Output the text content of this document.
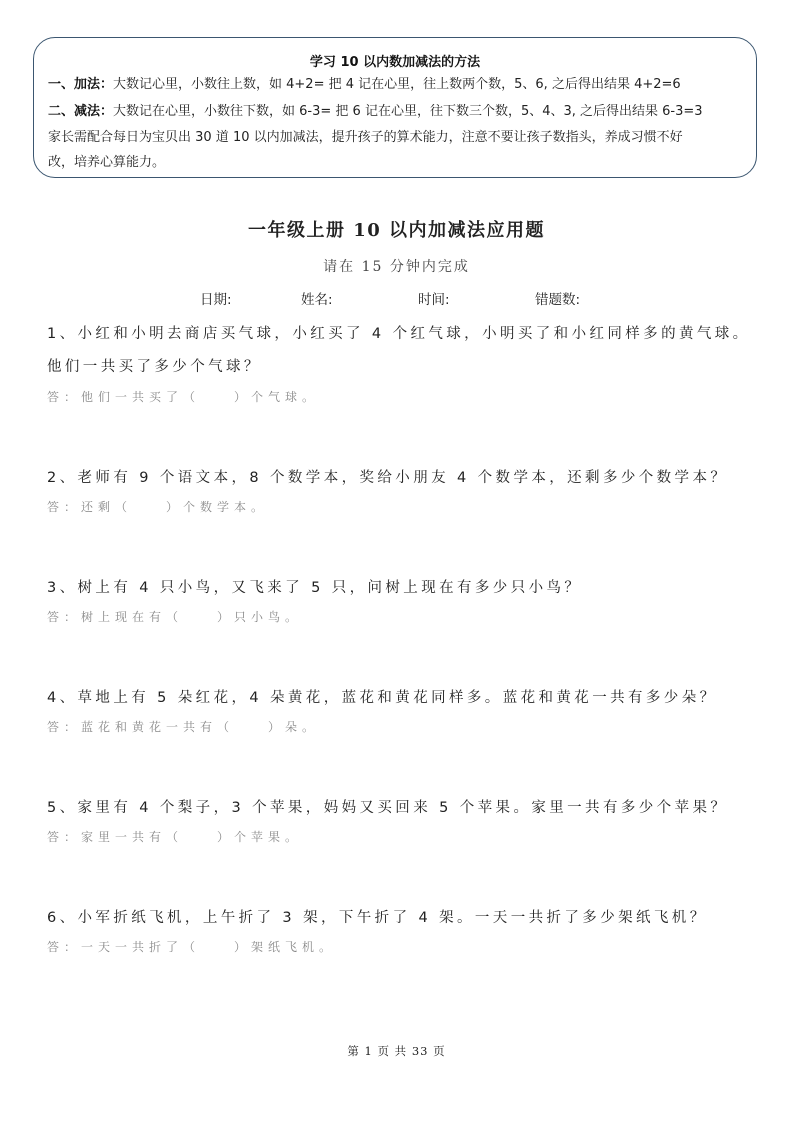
学习 10 以内数加减法的方法
一、加法：大数记心里，小数往上数，如 4+2= 把 4 记在心里，往上数两个数，5、6, 之后得出结果 4+2=6
二、减法：大数记在心里，小数往下数，如 6-3= 把 6 记在心里，往下数三个数，5、4、3, 之后得出结果 6-3=3
家长需配合每日为宝贝出 30 道 10 以内加减法，提升孩子的算术能力，注意不要让孩子数指头，养成习惯不好
改，培养心算能力。
一年级上册 10 以内加减法应用题
请在 15 分钟内完成
日期:	姓名:	时间:	错题数:
1、小红和小明去商店买气球，小红买了 4 个红气球，小明买了和小红同样多的黄气球。
他们一共买了多少个气球？
答：他们一共买了（　　）个气球。
2、老师有 9 个语文本，8 个数学本，奖给小朋友 4 个数学本，还剩多少个数学本？
答：还剩（　　）个数学本。
3、树上有 4 只小鸟，又飞来了 5 只，问树上现在有多少只小鸟？
答：树上现在有（　　）只小鸟。
4、草地上有 5 朵红花，4 朵黄花，蓝花和黄花同样多。蓝花和黄花一共有多少朵？
答：蓝花和黄花一共有（　　）朵。
5、家里有 4 个梨子，3 个苹果，妈妈又买回来 5 个苹果。家里一共有多少个苹果？
答：家里一共有（　　）个苹果。
6、小军折纸飞机，上午折了 3 架，下午折了 4 架。一天一共折了多少架纸飞机？
答：一天一共折了（　　）架纸飞机。
第 1 页 共 33 页
